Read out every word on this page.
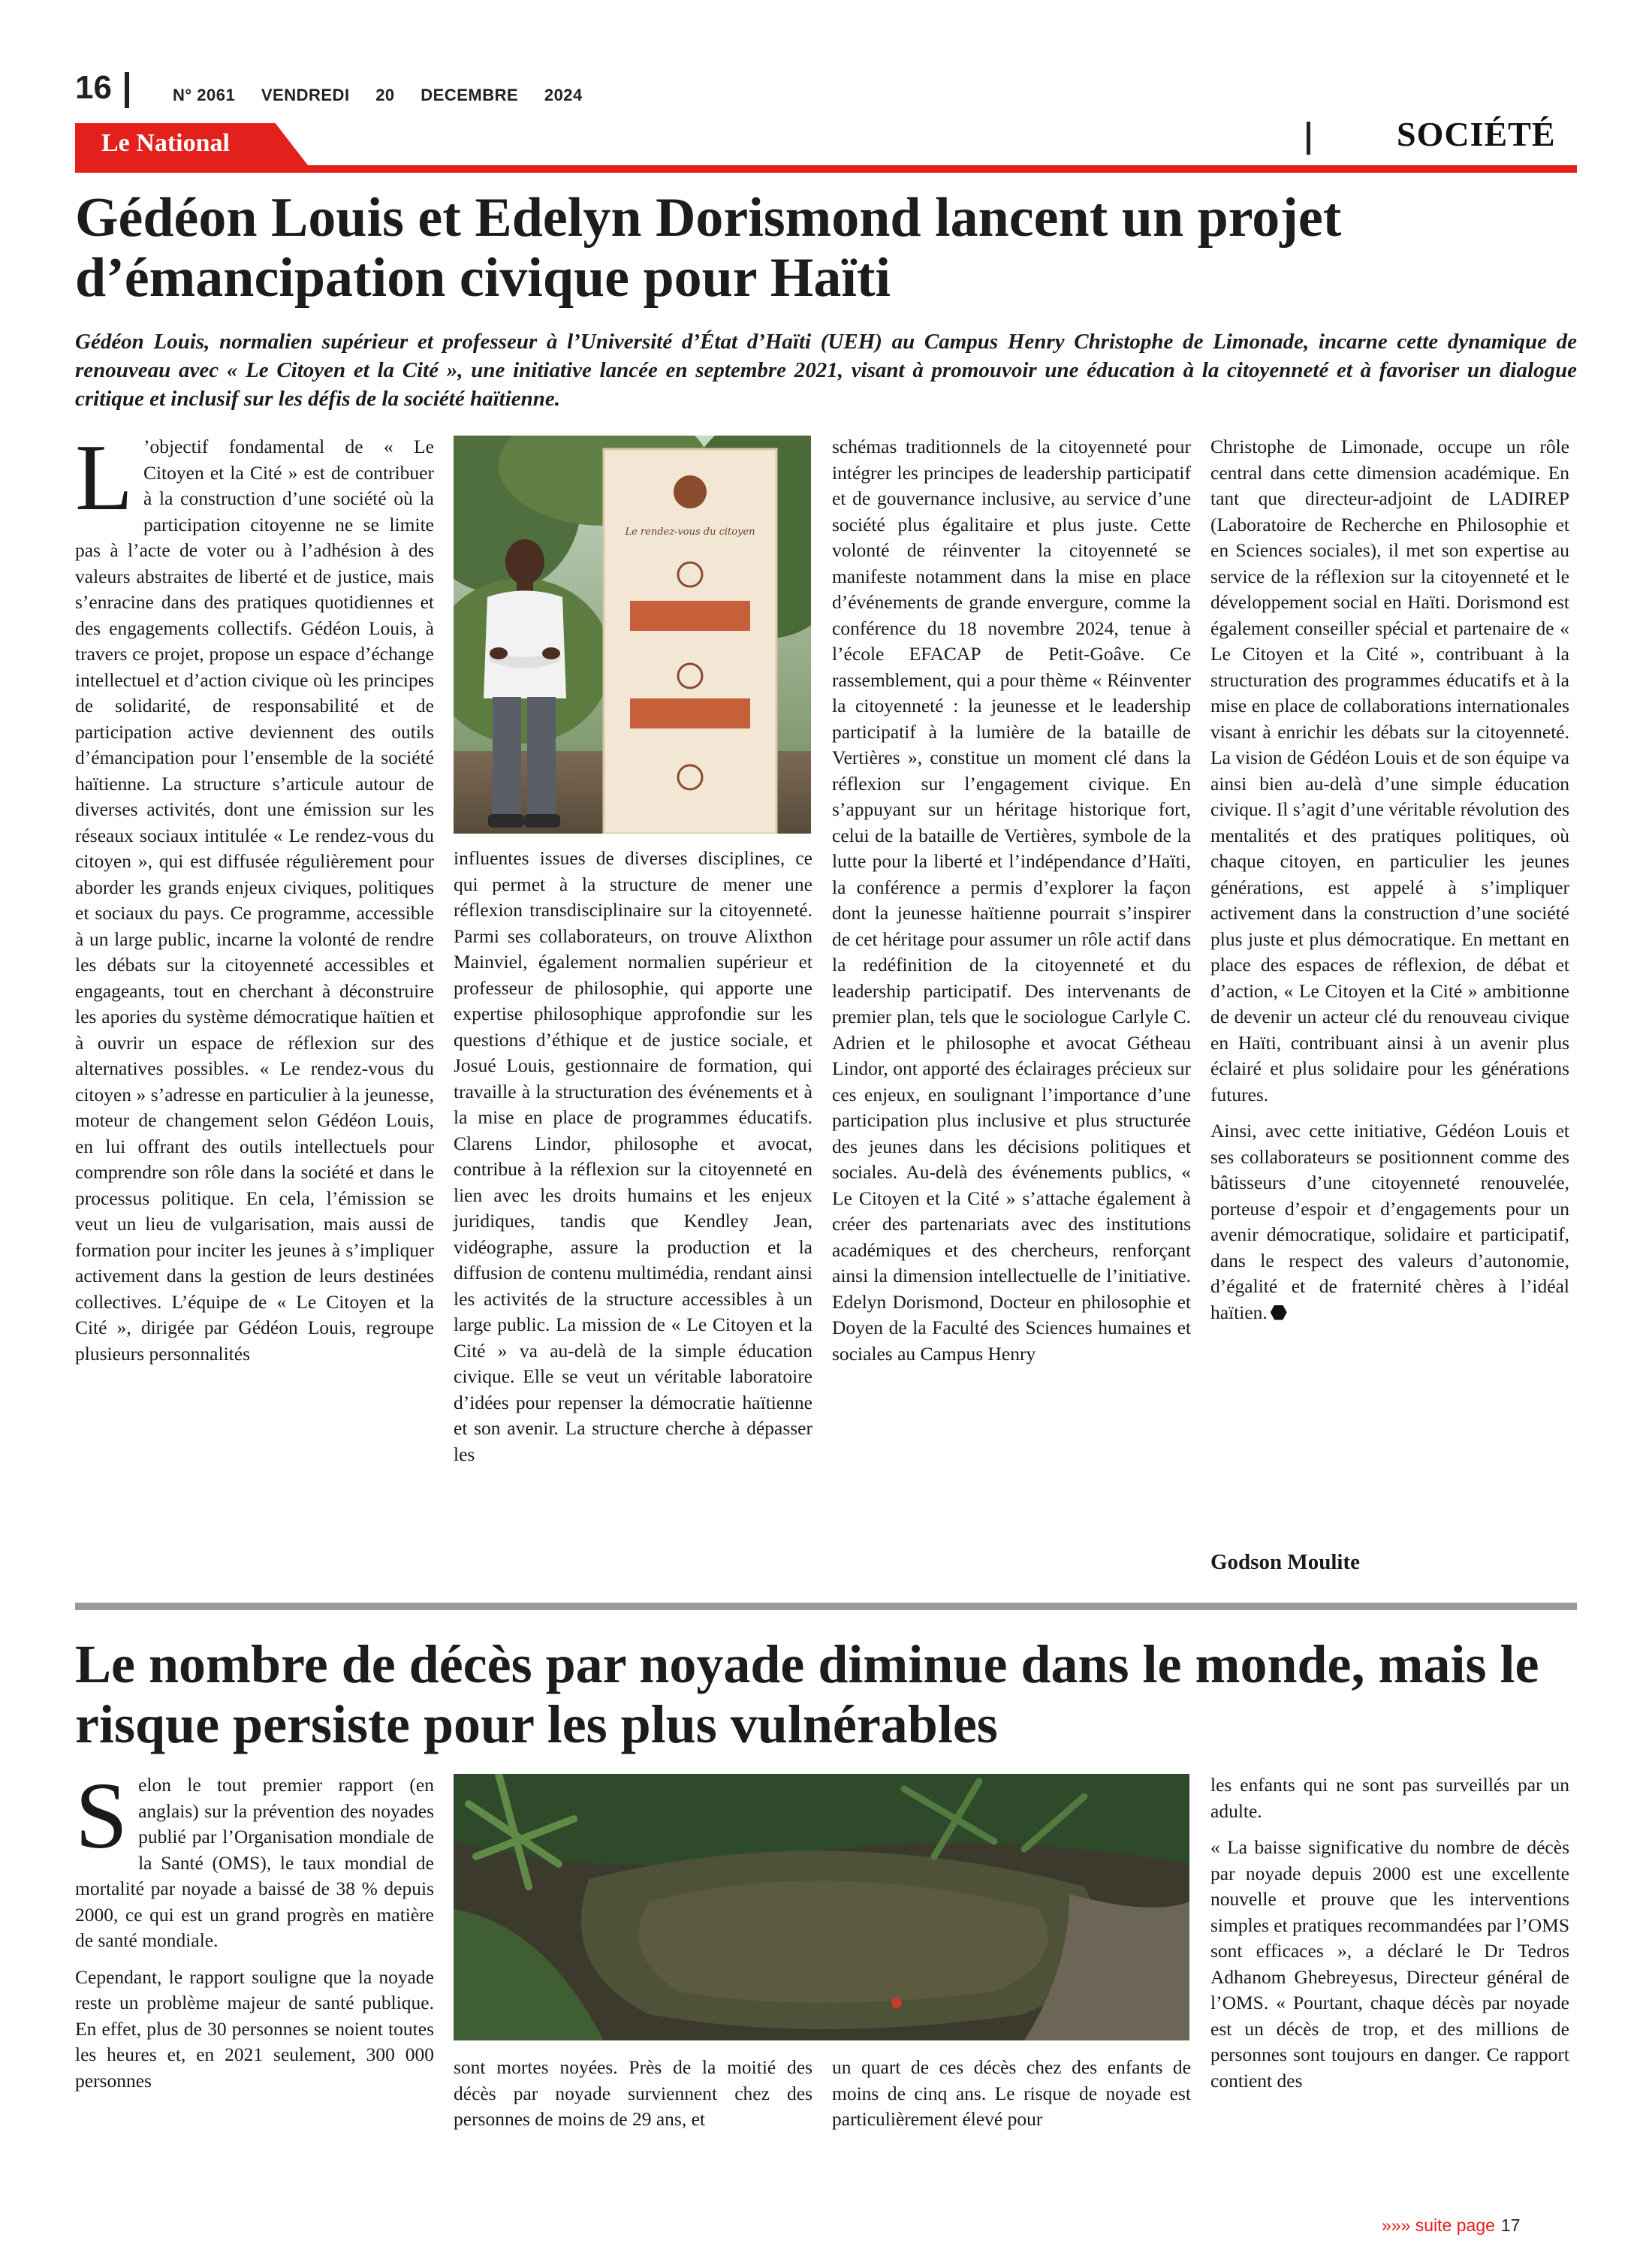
16	N° 2061 VENDREDI 20 DECEMBRE 2024
Le National	SOCIÉTÉ
Gédéon Louis et Edelyn Dorismond lancent un projet d’émancipation civique pour Haïti
Gédéon Louis, normalien supérieur et professeur à l’Université d’État d’Haïti (UEH) au Campus Henry Christophe de Limonade, incarne cette dynamique de renouveau avec « Le Citoyen et la Cité », une initiative lancée en septembre 2021, visant à promouvoir une éducation à la citoyenneté et à favoriser un dialogue critique et inclusif sur les défis de la société haïtienne.
L ’objectif fondamental de « Le Citoyen et la Cité » est de contribuer à la construction d’une société où la participation citoyenne ne se limite pas à l’acte de voter ou à l’adhésion à des valeurs abstraites de liberté et de justice, mais s’enracine dans des pratiques quotidiennes et des engagements collectifs. Gédéon Louis, à travers ce projet, propose un espace d’échange intellectuel et d’action civique où les principes de solidarité, de responsabilité et de participation active deviennent des outils d’émancipation pour l’ensemble de la société haïtienne. La structure s’articule autour de diverses activités, dont une émission sur les réseaux sociaux intitulée « Le rendez-vous du citoyen », qui est diffusée régulièrement pour aborder les grands enjeux civiques, politiques et sociaux du pays. Ce programme, accessible à un large public, incarne la volonté de rendre les débats sur la citoyenneté accessibles et engageants, tout en cherchant à déconstruire les apories du système démocratique haïtien et à ouvrir un espace de réflexion sur des alternatives possibles. « Le rendez-vous du citoyen » s’adresse en particulier à la jeunesse, moteur de changement selon Gédéon Louis, en lui offrant des outils intellectuels pour comprendre son rôle dans la société et dans le processus politique. En cela, l’émission se veut un lieu de vulgarisation, mais aussi de formation pour inciter les jeunes à s’impliquer activement dans la gestion de leurs destinées collectives. L’équipe de « Le Citoyen et la Cité », dirigée par Gédéon Louis, regroupe plusieurs personnalités
Le rendez-vous du citoyen
influentes issues de diverses disciplines, ce qui permet à la structure de mener une réflexion transdisciplinaire sur la citoyenneté. Parmi ses collaborateurs, on trouve Alixthon Mainviel, également normalien supérieur et professeur de philosophie, qui apporte une expertise philosophique approfondie sur les questions d’éthique et de justice sociale, et Josué Louis, gestionnaire de formation, qui travaille à la structuration des événements et à la mise en place de programmes éducatifs. Clarens Lindor, philosophe et avocat, contribue à la réflexion sur la citoyenneté en lien avec les droits humains et les enjeux juridiques, tandis que Kendley Jean, vidéographe, assure la production et la diffusion de contenu multimédia, rendant ainsi les activités de la structure accessibles à un large public. La mission de « Le Citoyen et la Cité » va au-delà de la simple éducation civique. Elle se veut un véritable laboratoire d’idées pour repenser la démocratie haïtienne et son avenir. La structure cherche à dépasser les
schémas traditionnels de la citoyenneté pour intégrer les principes de leadership participatif et de gouvernance inclusive, au service d’une société plus égalitaire et plus juste. Cette volonté de réinventer la citoyenneté se manifeste notamment dans la mise en place d’événements de grande envergure, comme la conférence du 18 novembre 2024, tenue à l’école EFACAP de Petit-Goâve. Ce rassemblement, qui a pour thème « Réinventer la citoyenneté : la jeunesse et le leadership participatif à la lumière de la bataille de Vertières », constitue un moment clé dans la réflexion sur l’engagement civique. En s’appuyant sur un héritage historique fort, celui de la bataille de Vertières, symbole de la lutte pour la liberté et l’indépendance d’Haïti, la conférence a permis d’explorer la façon dont la jeunesse haïtienne pourrait s’inspirer de cet héritage pour assumer un rôle actif dans la redéfinition de la citoyenneté et du leadership participatif. Des intervenants de premier plan, tels que le sociologue Carlyle C. Adrien et le philosophe et avocat Gétheau Lindor, ont apporté des éclairages précieux sur ces enjeux, en soulignant l’importance d’une participation plus inclusive et plus structurée des jeunes dans les décisions politiques et sociales. Au-delà des événements publics, « Le Citoyen et la Cité » s’attache également à créer des partenariats avec des institutions académiques et des chercheurs, renforçant ainsi la dimension intellectuelle de l’initiative. Edelyn Dorismond, Docteur en philosophie et Doyen de la Faculté des Sciences humaines et sociales au Campus Henry

Christophe de Limonade, occupe un rôle central dans cette dimension académique. En tant que directeur-adjoint de LADIREP (Laboratoire de Recherche en Philosophie et en Sciences sociales), il met son expertise au service de la réflexion sur la citoyenneté et le développement social en Haïti. Dorismond est également conseiller spécial et partenaire de « Le Citoyen et la Cité », contribuant à la structuration des programmes éducatifs et à la mise en place de collaborations internationales visant à enrichir les débats sur la citoyenneté. La vision de Gédéon Louis et de son équipe va ainsi bien au-delà d’une simple éducation civique. Il s’agit d’une véritable révolution des mentalités et des pratiques politiques, où chaque citoyen, en particulier les jeunes générations, est appelé à s’impliquer activement dans la construction d’une société plus juste et plus démocratique. En mettant en place des espaces de réflexion, de débat et d’action, « Le Citoyen et la Cité » ambitionne de devenir un acteur clé du renouveau civique en Haïti, contribuant ainsi à un avenir plus éclairé et plus solidaire pour les générations futures.

Ainsi, avec cette initiative, Gédéon Louis et ses collaborateurs se positionnent comme des bâtisseurs d’une citoyenneté renouvelée, porteuse d’espoir et d’engagements pour un avenir démocratique, solidaire et participatif, dans le respect des valeurs d’autonomie, d’égalité et de fraternité chères à l’idéal haïtien.

Godson Moulite
Le nombre de décès par noyade diminue dans le monde, mais le risque persiste pour les plus vulnérables

Selon le tout premier rapport (en anglais) sur la prévention des noyades publié par l’Organisation mondiale de la Santé (OMS), le taux mondial de mortalité par noyade a baissé de 38 % depuis 2000, ce qui est un grand progrès en matière de santé mondiale.

Cependant, le rapport souligne que la noyade reste un problème majeur de santé publique. En effet, plus de 30 personnes se noient toutes les heures et, en 2021 seulement, 300 000 personnes

sont mortes noyées. Près de la moitié des décès par noyade surviennent chez des personnes de moins de 29 ans, et
un quart de ces décès chez des enfants de moins de cinq ans. Le risque de noyade est particulièrement élevé pour

les enfants qui ne sont pas surveillés par un adulte.

« La baisse significative du nombre de décès par noyade depuis 2000 est une excellente nouvelle et prouve que les interventions simples et pratiques recommandées par l’OMS sont efficaces », a déclaré le Dr Tedros Adhanom Ghebreyesus, Directeur général de l’OMS. « Pourtant, chaque décès par noyade est un décès de trop, et des millions de personnes sont toujours en danger. Ce rapport contient des

»»» suite page 17
